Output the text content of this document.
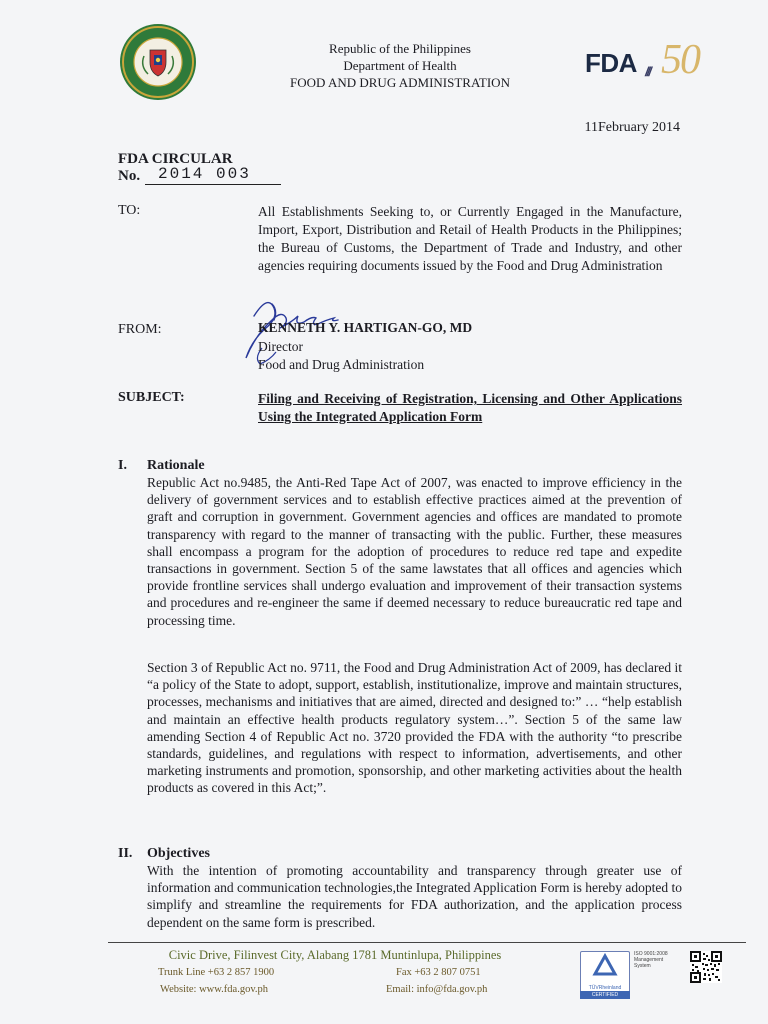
Republic of the Philippines
Department of Health
FOOD AND DRUG ADMINISTRATION	50
FDA ///
11February 2014
FDA CIRCULAR
No. 2014 003
TO:	All Establishments Seeking to, or Currently Engaged in the Manufacture, Import, Export, Distribution and Retail of Health Products in the Philippines; the Bureau of Customs, the Department of Trade and Industry, and other agencies requiring documents issued by the Food and Drug Administration
FROM:	KENNETH Y. HARTIGAN-GO, MD
Director
Food and Drug Administration
SUBJECT:	Filing and Receiving of Registration, Licensing and Other Applications Using the Integrated Application Form
I. Rationale
Republic Act no.9485, the Anti-Red Tape Act of 2007, was enacted to improve efficiency in the delivery of government services and to establish effective practices aimed at the prevention of graft and corruption in government. Government agencies and offices are mandated to promote transparency with regard to the manner of transacting with the public. Further, these measures shall encompass a program for the adoption of procedures to reduce red tape and expedite transactions in government. Section 5 of the same lawstates that all offices and agencies which provide frontline services shall undergo evaluation and improvement of their transaction systems and procedures and re-engineer the same if deemed necessary to reduce bureaucratic red tape and processing time.
Section 3 of Republic Act no. 9711, the Food and Drug Administration Act of 2009, has declared it “a policy of the State to adopt, support, establish, institutionalize, improve and maintain structures, processes, mechanisms and initiatives that are aimed, directed and designed to:” … “help establish and maintain an effective health products regulatory system…”. Section 5 of the same law amending Section 4 of Republic Act no. 3720 provided the FDA with the authority “to prescribe standards, guidelines, and regulations with respect to information, advertisements, and other marketing instruments and promotion, sponsorship, and other marketing activities about the health products as covered in this Act;”.
II. Objectives
With the intention of promoting accountability and transparency through greater use of information and communication technologies,the Integrated Application Form is hereby adopted to simplify and streamline the requirements for FDA authorization, and the application process dependent on the same form is prescribed.
Civic Drive, Filinvest City, Alabang 1781 Muntinlupa, Philippines
Trunk Line +63 2 857 1900	Fax +63 2 807 0751
Website: www.fda.gov.ph	Email: info@fda.gov.ph	TÜVRheinland
CERTIFIED
ISO 9001:2008 Management System
